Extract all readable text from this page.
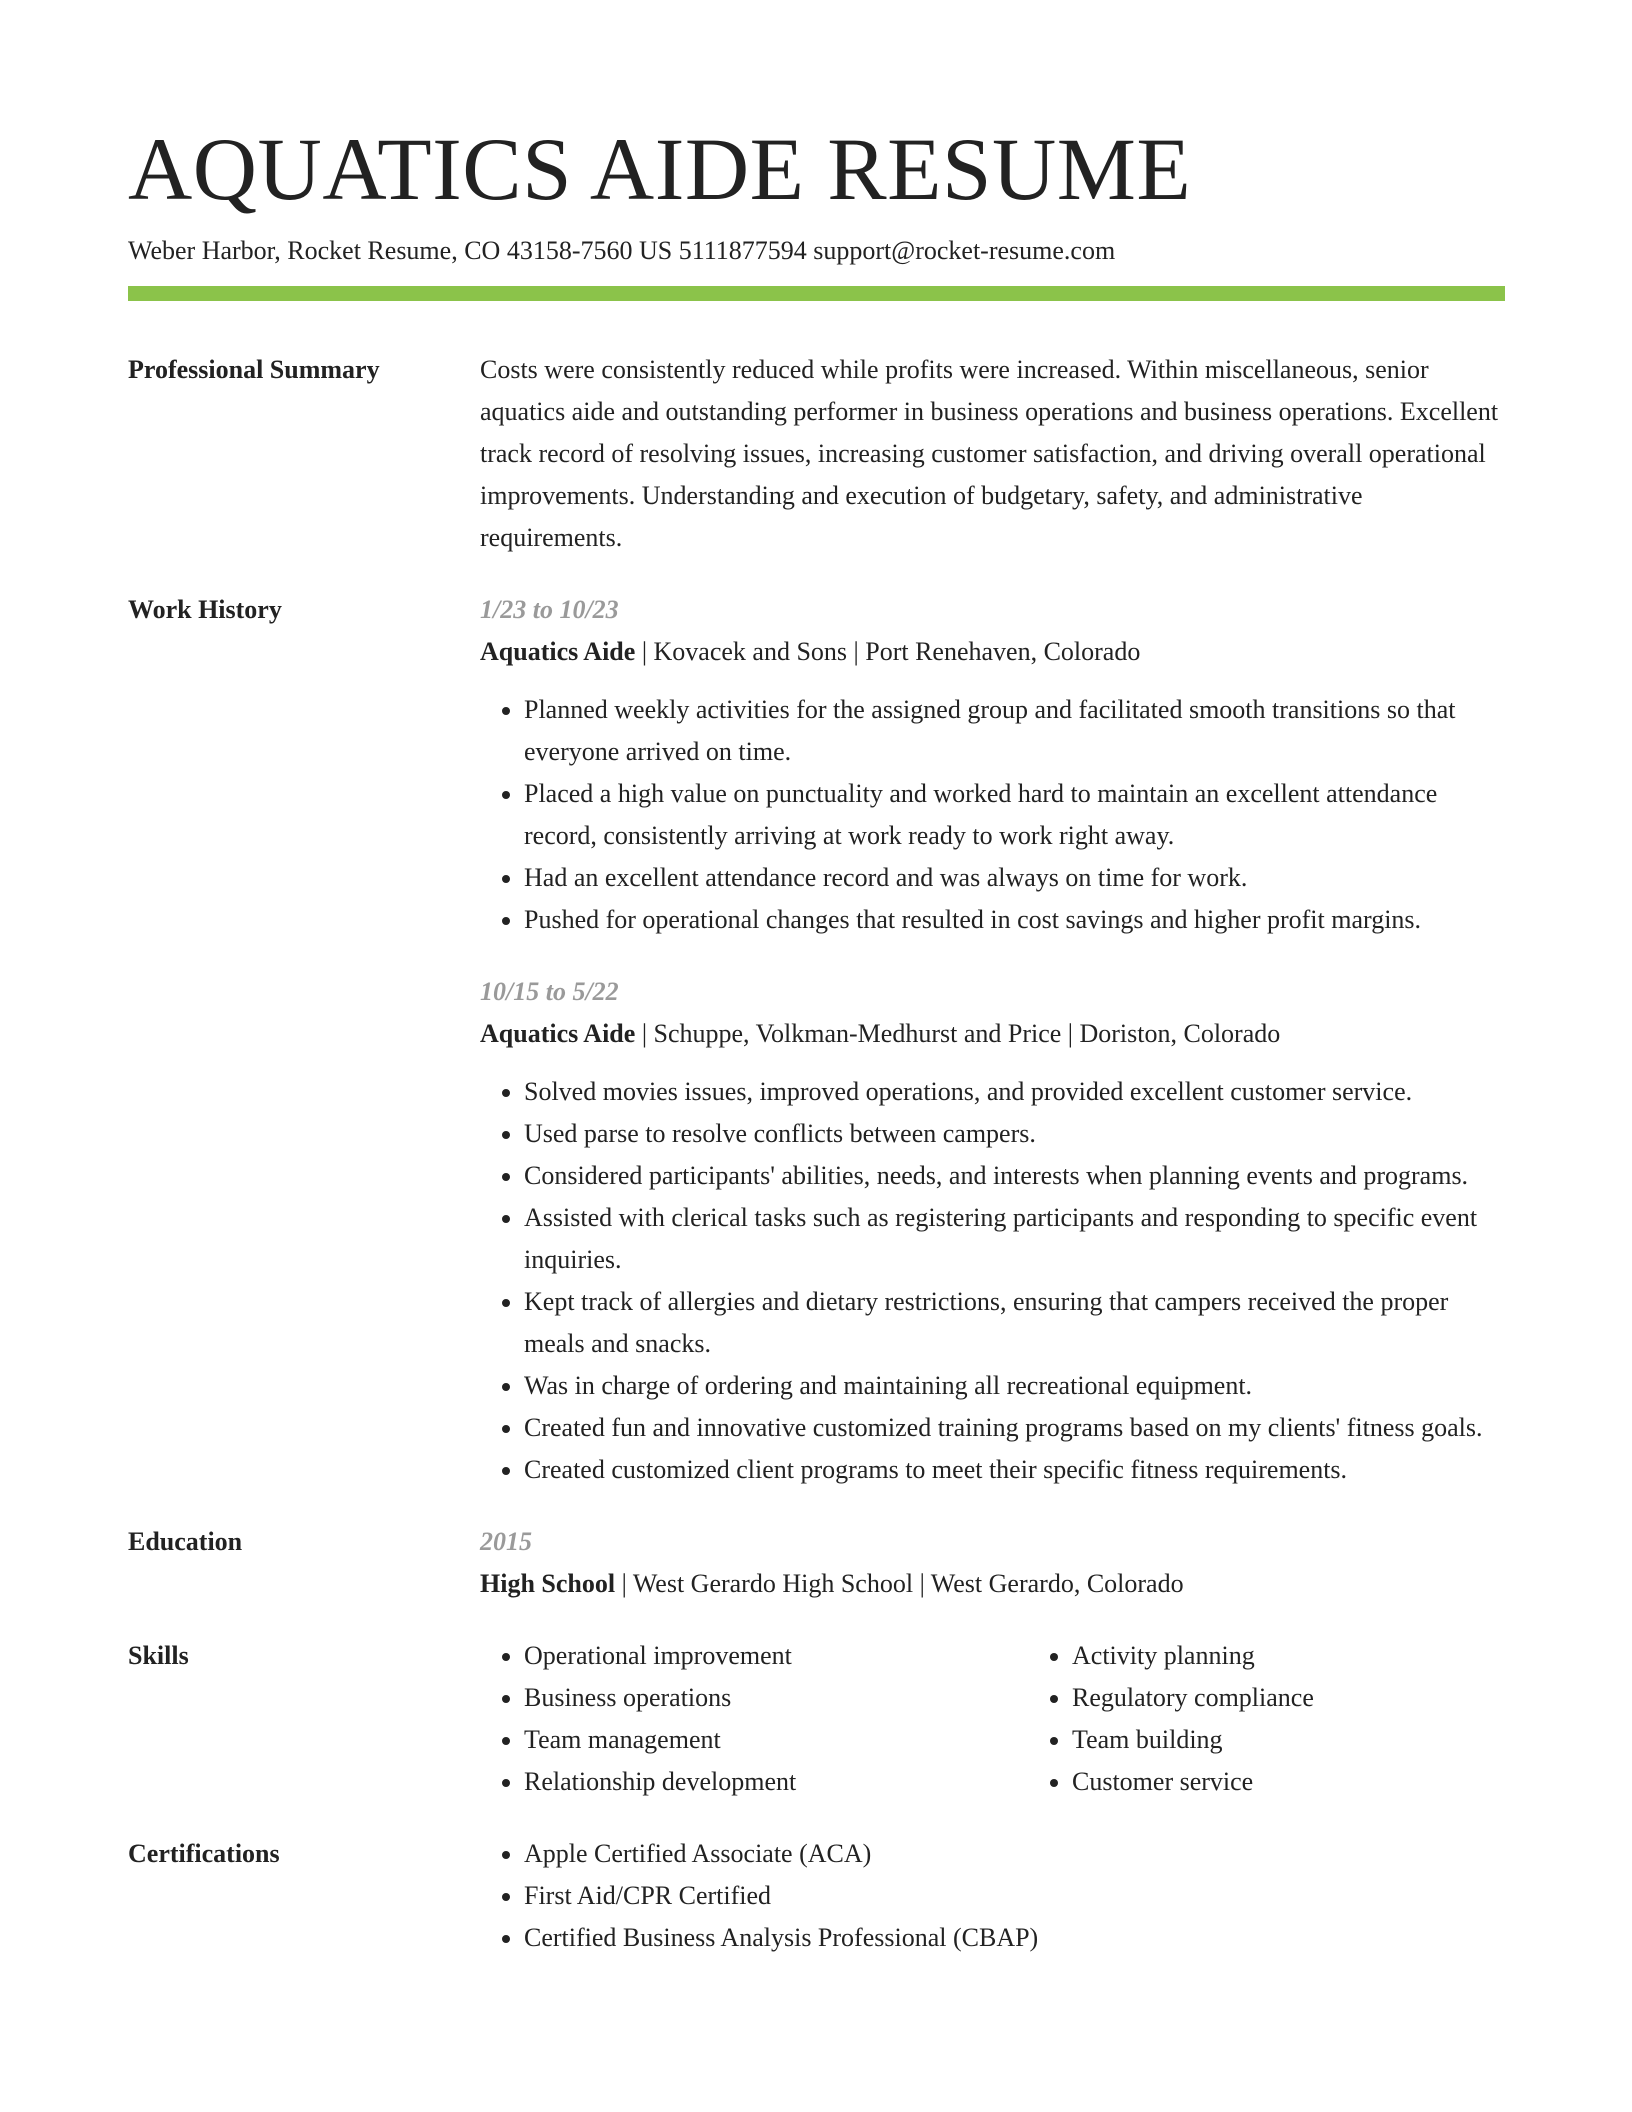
AQUATICS AIDE RESUME
Weber Harbor, Rocket Resume, CO 43158-7560 US 5111877594 support@rocket-resume.com
Professional Summary	Costs were consistently reduced while profits were increased. Within miscellaneous, senior aquatics aide and outstanding performer in business operations and business operations. Excellent track record of resolving issues, increasing customer satisfaction, and driving overall operational improvements. Understanding and execution of budgetary, safety, and administrative requirements.

Work History	1/23 to 10/23
Aquatics Aide | Kovacek and Sons | Port Renehaven, Colorado
• Planned weekly activities for the assigned group and facilitated smooth transitions so that everyone arrived on time.
• Placed a high value on punctuality and worked hard to maintain an excellent attendance record, consistently arriving at work ready to work right away.
• Had an excellent attendance record and was always on time for work.
• Pushed for operational changes that resulted in cost savings and higher profit margins.
10/15 to 5/22
Aquatics Aide | Schuppe, Volkman-Medhurst and Price | Doriston, Colorado
• Solved movies issues, improved operations, and provided excellent customer service.
• Used parse to resolve conflicts between campers.
• Considered participants' abilities, needs, and interests when planning events and programs.
• Assisted with clerical tasks such as registering participants and responding to specific event inquiries.
• Kept track of allergies and dietary restrictions, ensuring that campers received the proper meals and snacks.
• Was in charge of ordering and maintaining all recreational equipment.
• Created fun and innovative customized training programs based on my clients' fitness goals.
• Created customized client programs to meet their specific fitness requirements.
Education	2015
High School | West Gerardo High School | West Gerardo, Colorado
Skills	• Operational improvement
• Business operations
• Team management
• Relationship development
• Activity planning
• Regulatory compliance
• Team building
• Customer service
Certifications	• Apple Certified Associate (ACA)
• First Aid/CPR Certified
• Certified Business Analysis Professional (CBAP)
